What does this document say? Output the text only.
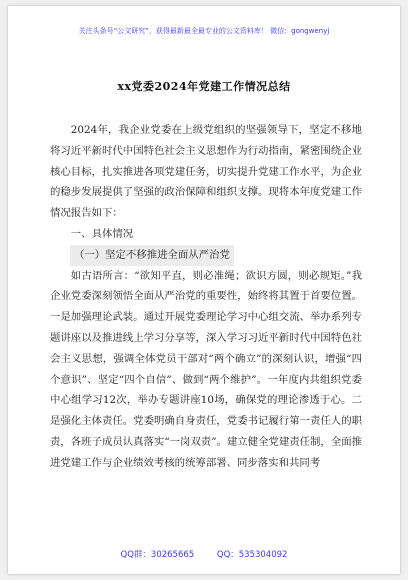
关注头条号“公文研究”，获得最新最全最专业的公文资料库！ 微信：gongwenyj
xx党委2024年党建工作情况总结

2024年，我企业党委在上级党组织的坚强领导下，坚定不移地将习近平新时代中国特色社会主义思想作为行动指南，紧密围绕企业核心目标，扎实推进各项党建任务，切实提升党建工作水平，为企业的稳步发展提供了坚强的政治保障和组织支撑。现将本年度党建工作情况报告如下：

一、具体情况

（一）坚定不移推进全面从严治党

如古语所言：“欲知平直，则必准绳；欲识方圆，则必规矩。”我企业党委深刻领悟全面从严治党的重要性，始终将其置于首要位置。一是加强理论武装。通过开展党委理论学习中心组交流、举办系列专题讲座以及推进线上学习分享等，深入学习习近平新时代中国特色社会主义思想，强调全体党员干部对“两个确立”的深刻认识，增强“四个意识”、坚定“四个自信”、做到“两个维护”。一年度内共组织党委中心组学习12次，举办专题讲座10场，确保党的理论渗透于心。二是强化主体责任。党委明确自身责任，党委书记履行第一责任人的职责，各班子成员认真落实“一岗双责”。建立健全党建责任制，全面推进党建工作与企业绩效考核的统筹部署、同步落实和共同考

QQ群：30265665	QQ：535304092
